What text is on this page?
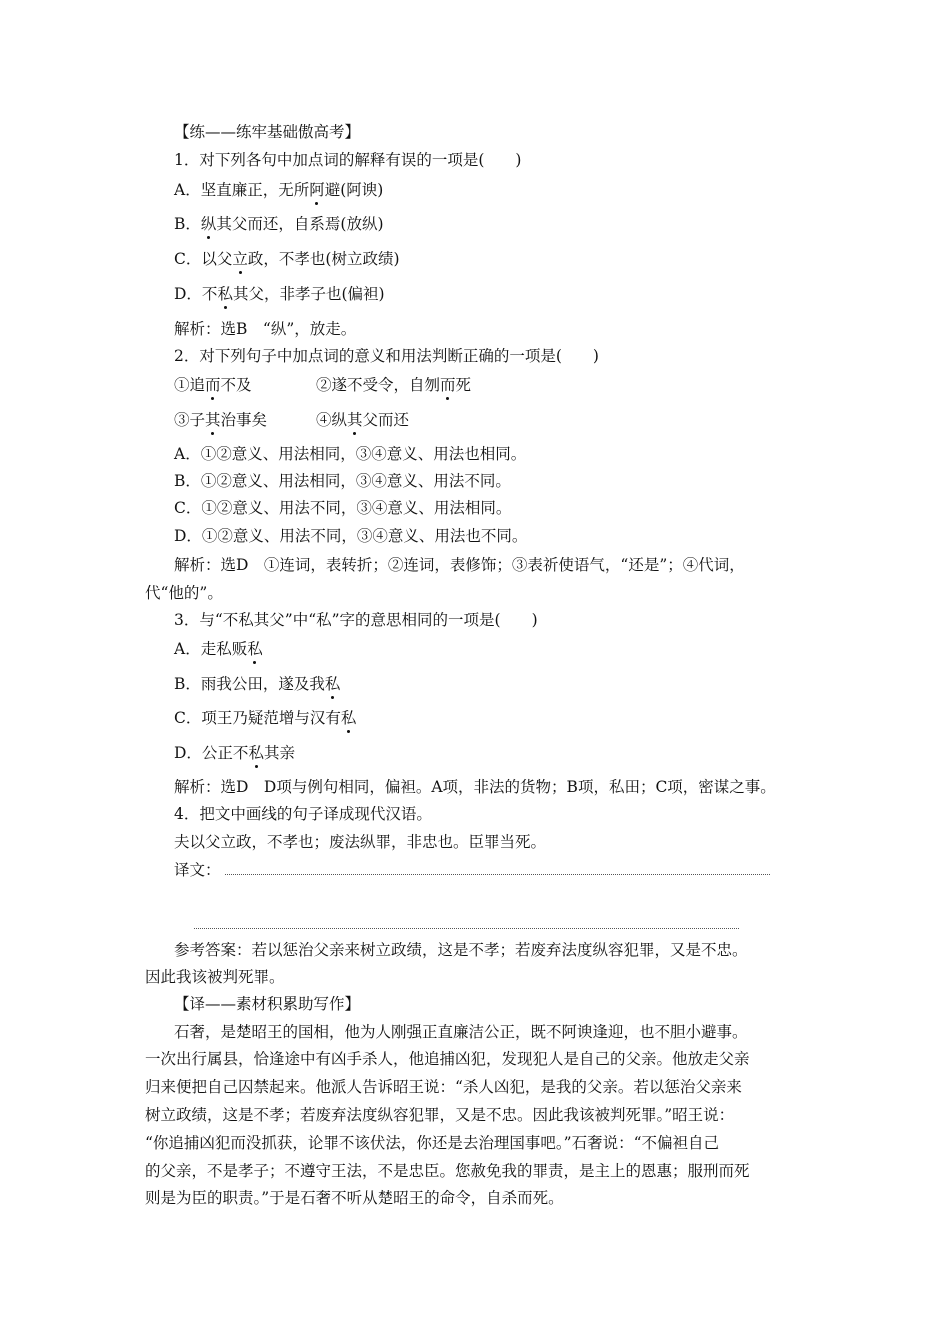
【练——练牢基础傲高考】
1．对下列各句中加点词的解释有误的一项是(　　)
A．坚直廉正，无所阿避(阿谀)
B．纵其父而还，自系焉(放纵)
C．以父立政，不孝也(树立政绩)
D．不私其父，非孝子也(偏袒)
解析：选B　“纵”，放走。
2．对下列句子中加点词的意义和用法判断正确的一项是(　　)
①追而不及	②遂不受令，自刎而死
③子其治事矣	④纵其父而还
A．①②意义、用法相同，③④意义、用法也相同。
B．①②意义、用法相同，③④意义、用法不同。
C．①②意义、用法不同，③④意义、用法相同。
D．①②意义、用法不同，③④意义、用法也不同。
解析：选D　①连词，表转折；②连词，表修饰；③表祈使语气，“还是”；④代词，
代“他的”。
3．与“不私其父”中“私”字的意思相同的一项是(　　)
A．走私贩私
B．雨我公田，遂及我私
C．项王乃疑范增与汉有私
D．公正不私其亲
解析：选D　D项与例句相同，偏袒。A项，非法的货物；B项，私田；C项，密谋之事。
4．把文中画线的句子译成现代汉语。
夫以父立政，不孝也；废法纵罪，非忠也。臣罪当死。
译文：
参考答案：若以惩治父亲来树立政绩，这是不孝；若废弃法度纵容犯罪，又是不忠。
因此我该被判死罪。
【译——素材积累助写作】
石奢，是楚昭王的国相，他为人刚强正直廉洁公正，既不阿谀逢迎，也不胆小避事。
一次出行属县，恰逢途中有凶手杀人，他追捕凶犯，发现犯人是自己的父亲。他放走父亲
归来便把自己囚禁起来。他派人告诉昭王说：“杀人凶犯，是我的父亲。若以惩治父亲来
树立政绩，这是不孝；若废弃法度纵容犯罪，又是不忠。因此我该被判死罪。”昭王说：
“你追捕凶犯而没抓获，论罪不该伏法，你还是去治理国事吧。”石奢说：“不偏袒自己
的父亲，不是孝子；不遵守王法，不是忠臣。您赦免我的罪责，是主上的恩惠；服刑而死
则是为臣的职责。”于是石奢不听从楚昭王的命令，自杀而死。
